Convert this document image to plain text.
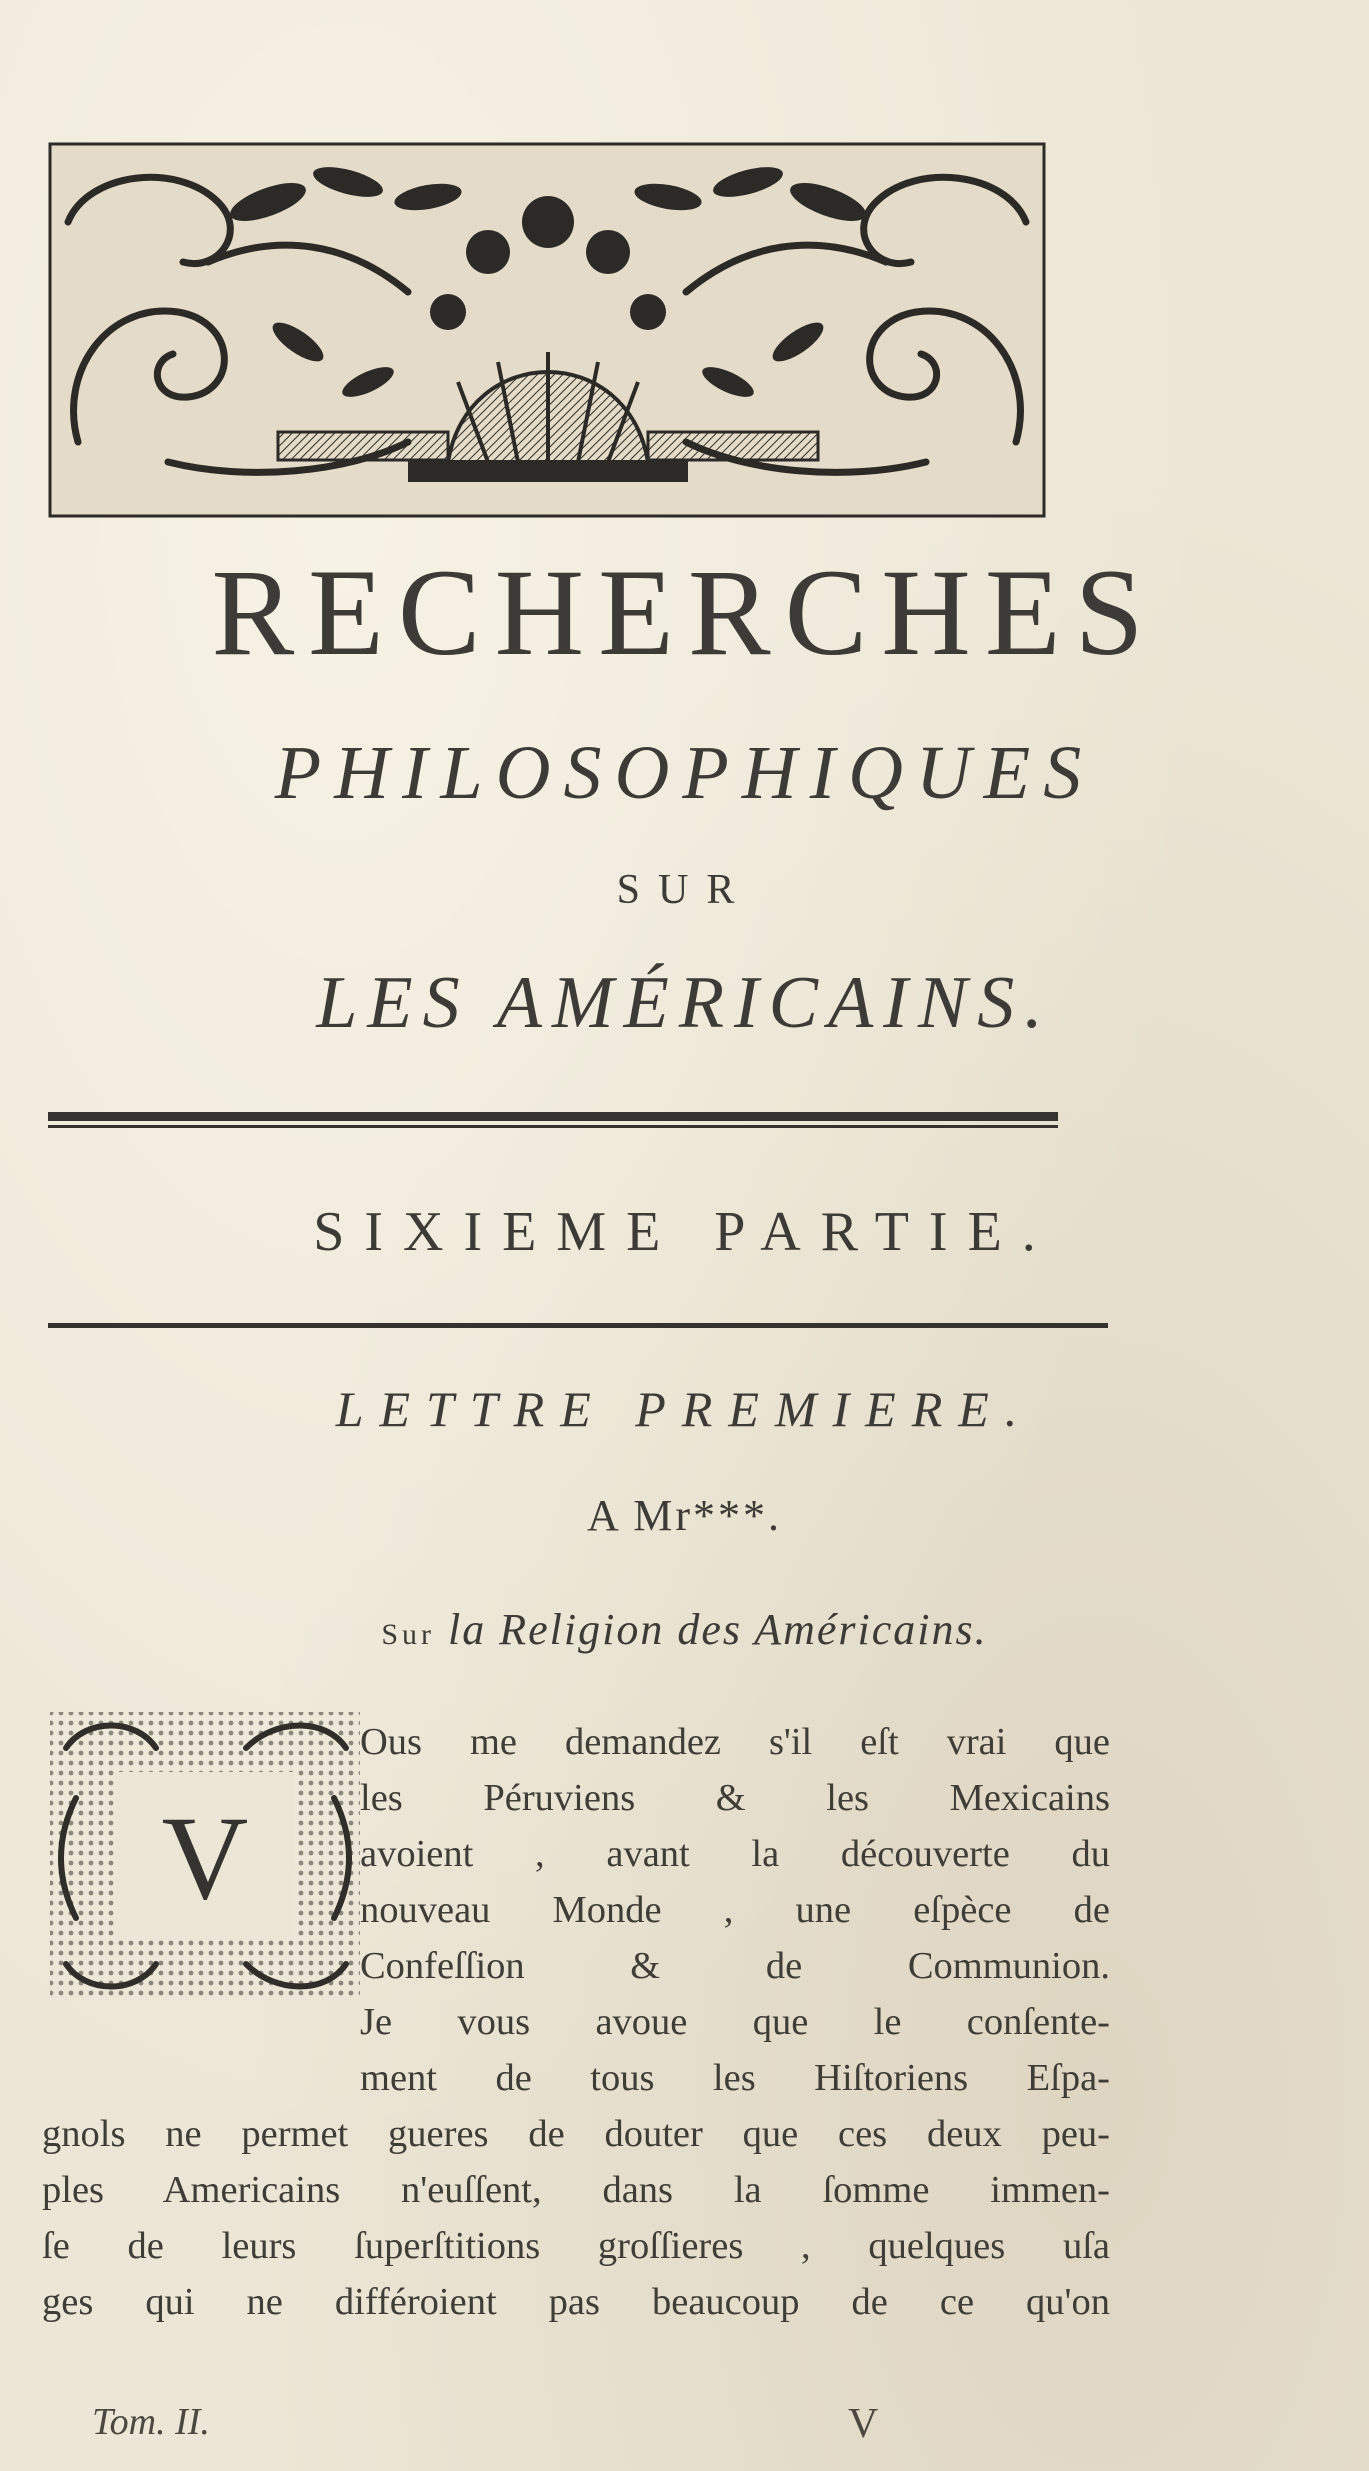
RECHERCHES
PHILOSOPHIQUES
SUR
LES AMÉRICAINS.
SIXIEME PARTIE.
LETTRE PREMIERE.
A Mr***.
Sur la Religion des Américains.
V
Ous me demandez s'il eſt vrai que
les Péruviens & les Mexicains
avoient , avant la découverte du
nouveau Monde , une eſpèce de
Confeſſion & de Communion.
Je vous avoue que le conſente-
ment de tous les Hiſtoriens Eſpa-
gnols ne permet gueres de douter que ces deux peu-
ples Americains n'euſſent, dans la ſomme immen-
ſe de leurs ſuperſtitions groſſieres , quelques uſa
ges qui ne différoient pas beaucoup de ce qu'on
Tom. II.	V
